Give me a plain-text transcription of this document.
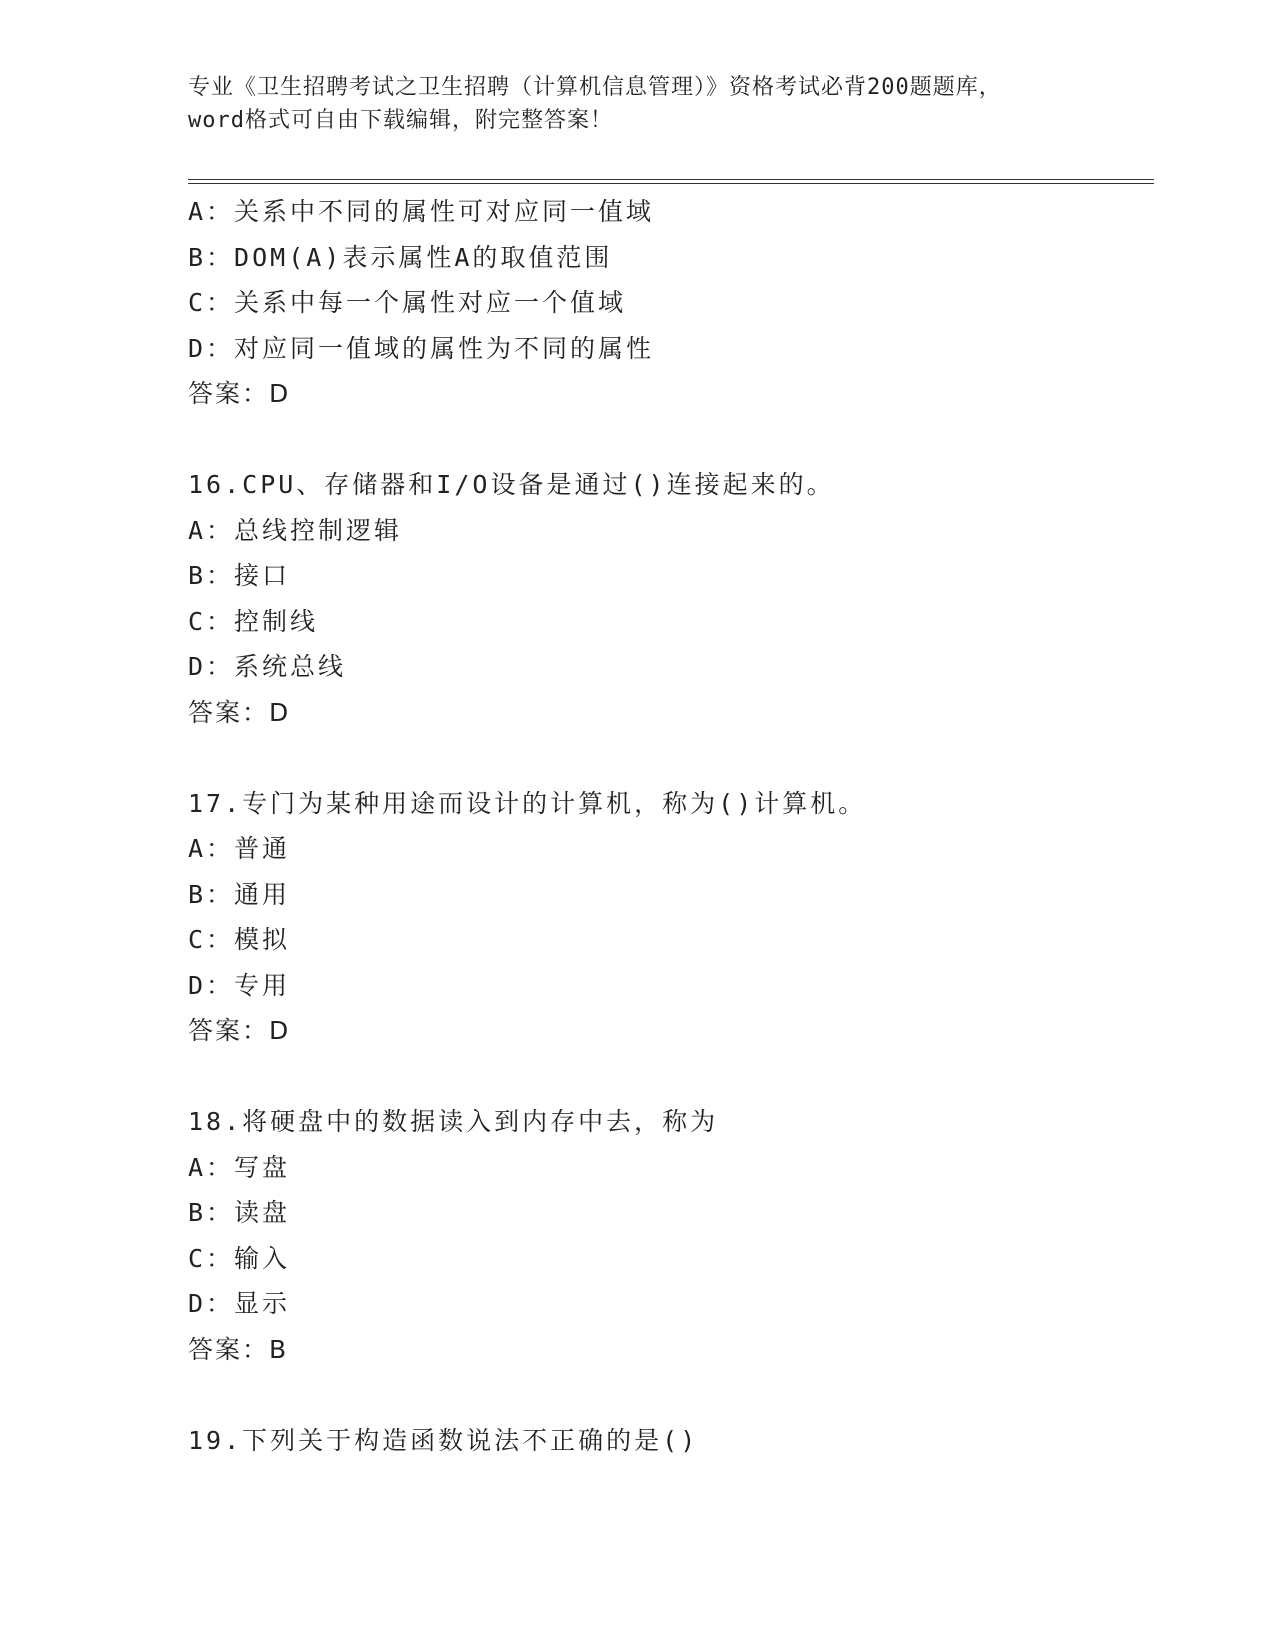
专业《卫生招聘考试之卫生招聘（计算机信息管理）》资格考试必背200题题库，
word格式可自由下载编辑，附完整答案！
A：关系中不同的属性可对应同一值域
B：DOM(A)表示属性A的取值范围
C：关系中每一个属性对应一个值域
D：对应同一值域的属性为不同的属性
答案：D
16.CPU、存储器和I/O设备是通过()连接起来的。
A：总线控制逻辑
B：接口
C：控制线
D：系统总线
答案：D
17.专门为某种用途而设计的计算机，称为()计算机。
A：普通
B：通用
C：模拟
D：专用
答案：D
18.将硬盘中的数据读入到内存中去，称为
A：写盘
B：读盘
C：输入
D：显示
答案：B
19.下列关于构造函数说法不正确的是()
